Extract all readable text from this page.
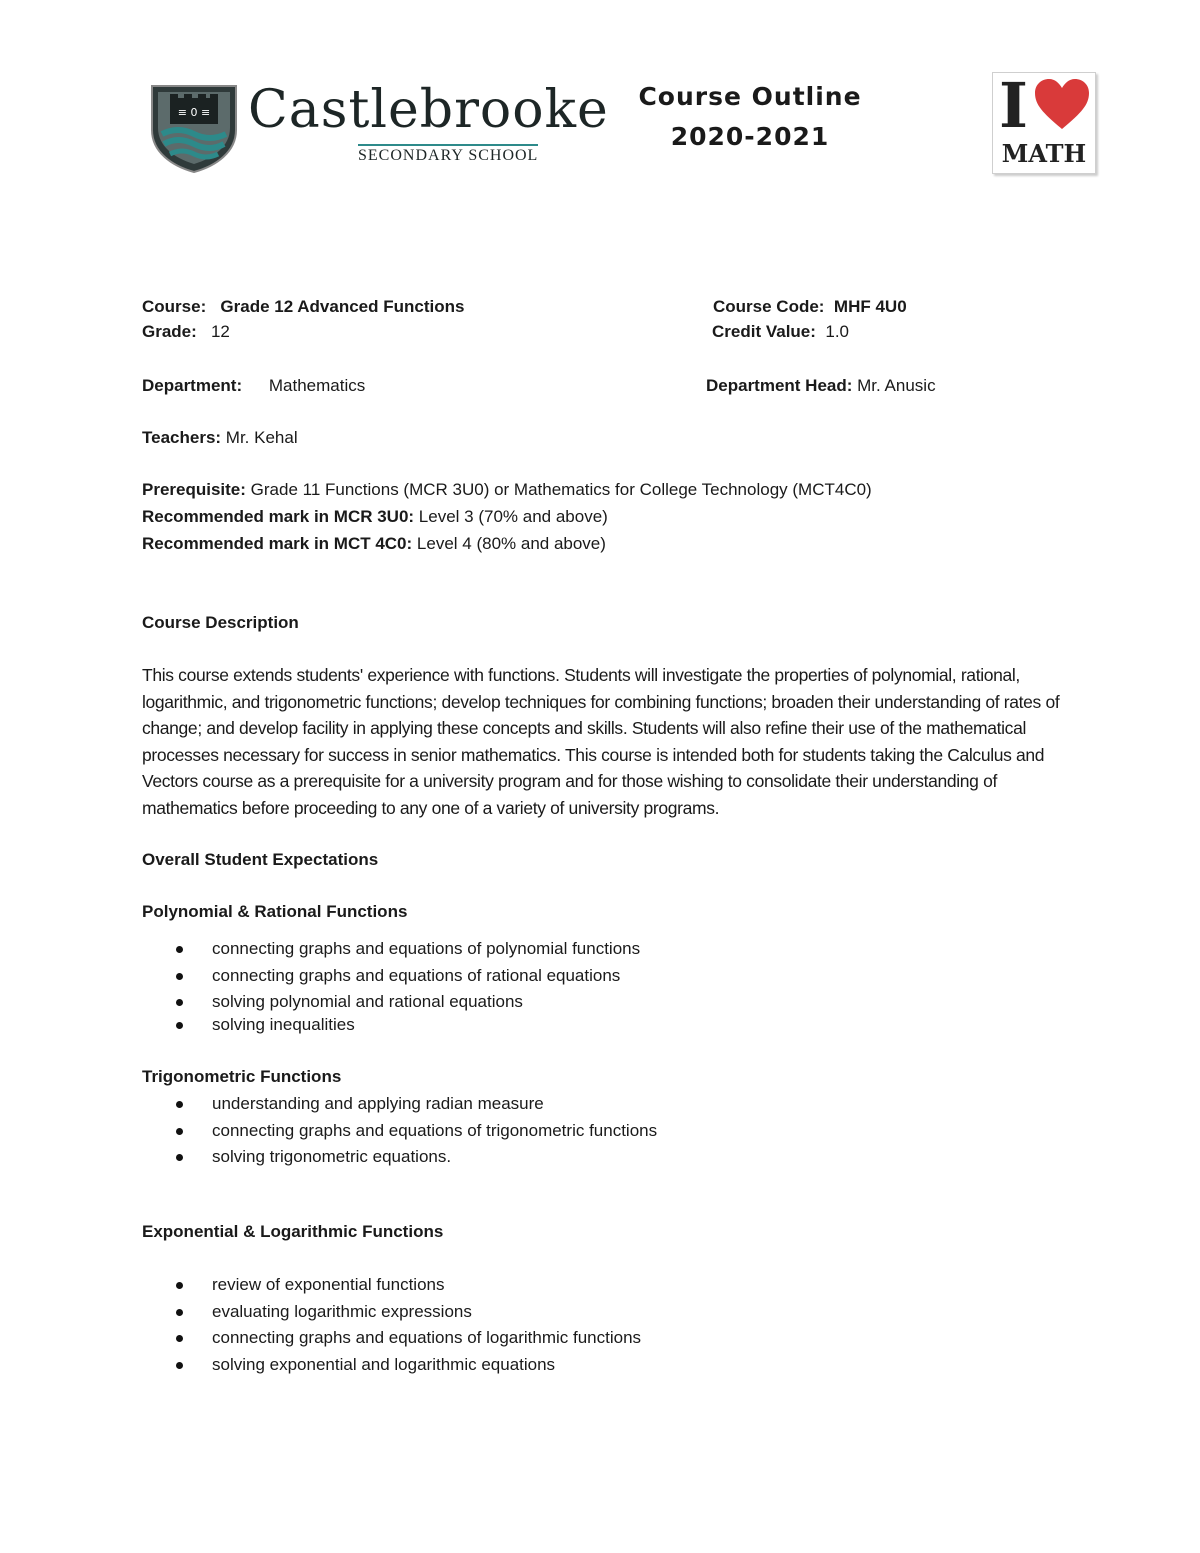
≡ 0 ≡ Castlebrooke
SECONDARY SCHOOL
Course Outline
2020-2021	I
MATH
Course: Grade 12 Advanced Functions	Course Code: MHF 4U0
Grade: 12	Credit Value: 1.0
Department: Mathematics	Department Head: Mr. Anusic
Teachers: Mr. Kehal
Prerequisite: Grade 11 Functions (MCR 3U0) or Mathematics for College Technology (MCT4C0)
Recommended mark in MCR 3U0: Level 3 (70% and above)
Recommended mark in MCT 4C0: Level 4 (80% and above)
Course Description
This course extends students' experience with functions. Students will investigate the properties of polynomial, rational, logarithmic, and trigonometric functions; develop techniques for combining functions; broaden their understanding of rates of change; and develop facility in applying these concepts and skills. Students will also refine their use of the mathematical processes necessary for success in senior mathematics. This course is intended both for students taking the Calculus and Vectors course as a prerequisite for a university program and for those wishing to consolidate their understanding of mathematics before proceeding to any one of a variety of university programs.
Overall Student Expectations
Polynomial & Rational Functions
connecting graphs and equations of polynomial functions
connecting graphs and equations of rational equations
solving polynomial and rational equations
solving inequalities
Trigonometric Functions
understanding and applying radian measure
connecting graphs and equations of trigonometric functions
solving trigonometric equations.
Exponential & Logarithmic Functions
review of exponential functions
evaluating logarithmic expressions
connecting graphs and equations of logarithmic functions
solving exponential and logarithmic equations
